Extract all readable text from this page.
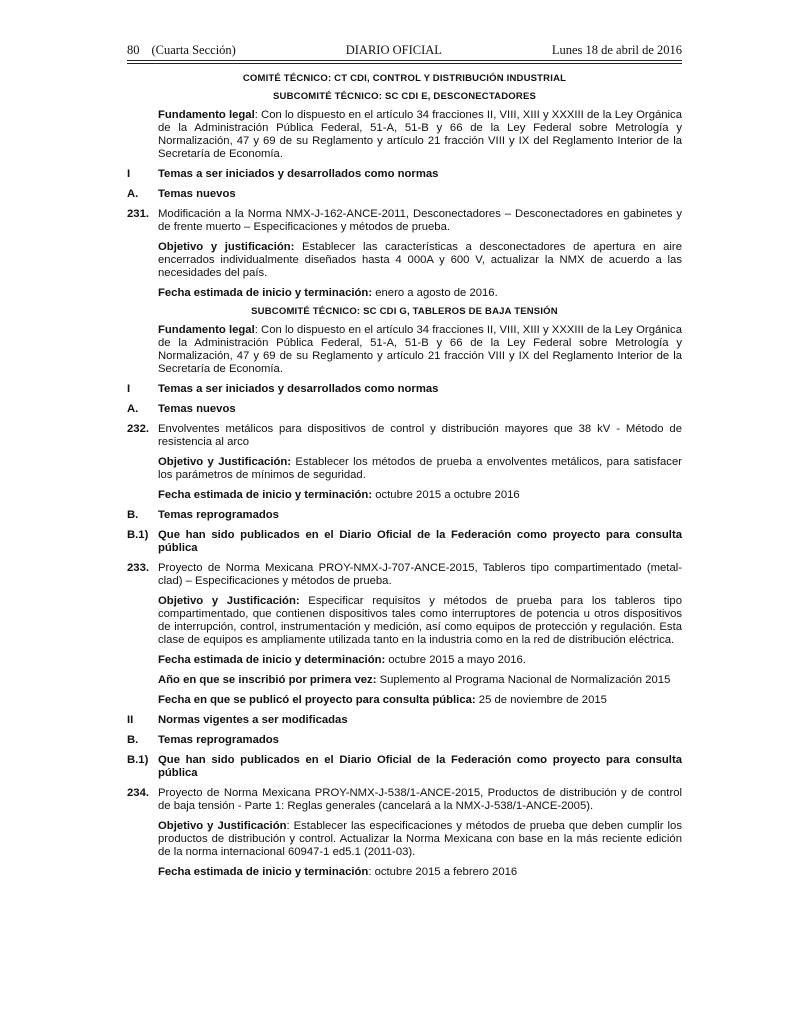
80 (Cuarta Sección)	DIARIO OFICIAL	Lunes 18 de abril de 2016
COMITÉ TÉCNICO: CT CDI, CONTROL Y DISTRIBUCIÓN INDUSTRIAL
SUBCOMITÉ TÉCNICO: SC CDI E, DESCONECTADORES
Fundamento legal: Con lo dispuesto en el artículo 34 fracciones II, VIII, XIII y XXXIII de la Ley Orgánica de la Administración Pública Federal, 51-A, 51-B y 66 de la Ley Federal sobre Metrología y Normalización, 47 y 69 de su Reglamento y artículo 21 fracción VIII y IX del Reglamento Interior de la Secretaría de Economía.
I	Temas a ser iniciados y desarrollados como normas
A.	Temas nuevos
231. Modificación a la Norma NMX-J-162-ANCE-2011, Desconectadores – Desconectadores en gabinetes y de frente muerto – Especificaciones y métodos de prueba.
Objetivo y justificación: Establecer las características a desconectadores de apertura en aire encerrados individualmente diseñados hasta 4 000A y 600 V, actualizar la NMX de acuerdo a las necesidades del país.
Fecha estimada de inicio y terminación: enero a agosto de 2016.
SUBCOMITÉ TÉCNICO: SC CDI G, TABLEROS DE BAJA TENSIÓN
Fundamento legal: Con lo dispuesto en el artículo 34 fracciones II, VIII, XIII y XXXIII de la Ley Orgánica de la Administración Pública Federal, 51-A, 51-B y 66 de la Ley Federal sobre Metrología y Normalización, 47 y 69 de su Reglamento y artículo 21 fracción VIII y IX del Reglamento Interior de la Secretaría de Economía.
I	Temas a ser iniciados y desarrollados como normas
A.	Temas nuevos
232. Envolventes metálicos para dispositivos de control y distribución mayores que 38 kV - Método de resistencia al arco
Objetivo y Justificación: Establecer los métodos de prueba a envolventes metálicos, para satisfacer los parámetros de mínimos de seguridad.
Fecha estimada de inicio y terminación: octubre 2015 a octubre 2016
B.	Temas reprogramados
B.1) Que han sido publicados en el Diario Oficial de la Federación como proyecto para consulta pública
233. Proyecto de Norma Mexicana PROY-NMX-J-707-ANCE-2015, Tableros tipo compartimentado (metal-clad) – Especificaciones y métodos de prueba.
Objetivo y Justificación: Especificar requisitos y métodos de prueba para los tableros tipo compartimentado, que contienen dispositivos tales como interruptores de potencia u otros dispositivos de interrupción, control, instrumentación y medición, así como equipos de protección y regulación. Esta clase de equipos es ampliamente utilizada tanto en la industria como en la red de distribución eléctrica.
Fecha estimada de inicio y determinación: octubre 2015 a mayo 2016.
Año en que se inscribió por primera vez: Suplemento al Programa Nacional de Normalización 2015
Fecha en que se publicó el proyecto para consulta pública: 25 de noviembre de 2015
II	Normas vigentes a ser modificadas
B.	Temas reprogramados
B.1) Que han sido publicados en el Diario Oficial de la Federación como proyecto para consulta pública
234. Proyecto de Norma Mexicana PROY-NMX-J-538/1-ANCE-2015, Productos de distribución y de control de baja tensión - Parte 1: Reglas generales (cancelará a la NMX-J-538/1-ANCE-2005).
Objetivo y Justificación: Establecer las especificaciones y métodos de prueba que deben cumplir los productos de distribución y control. Actualizar la Norma Mexicana con base en la más reciente edición de la norma internacional 60947-1 ed5.1 (2011-03).
Fecha estimada de inicio y terminación: octubre 2015 a febrero 2016
